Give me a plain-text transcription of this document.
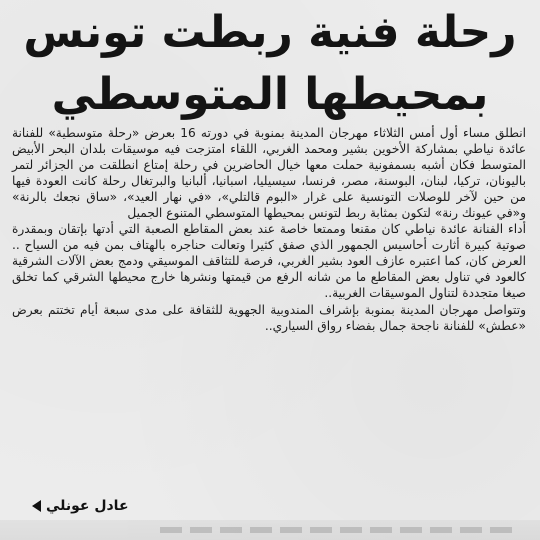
رحلة فنية ربطت تونس
بمحيطها المتوسطي

انطلق مساء أول أمس الثلاثاء مهرجان المدينة بمنوبة في دورته 16 بعرض «رحلة متوسطية» للفنانة عائدة نياطي بمشاركة الأخوين بشير ومحمد الغربي، اللقاء امتزجت فيه موسيقات بلدان البحر الأبيض المتوسط فكان أشبه بسمفونية حملت معها خيال الحاضرين في رحلة إمتاع انطلقت من الجزائر لتمر باليونان، تركيا، لبنان، البوسنة، مصر، فرنسا، سيسيليا، اسبانيا، ألبانيا والبرتغال رحلة كانت العودة فيها من حين لآخر للوصلات التونسية على غرار «البوم قالتلي»، «في نهار العيد»، «ساق نجعك بالرنة» و«في عيونك رنة» لتكون بمثابة ربط لتونس بمحيطها المتوسطي المتنوع الجميل

أداء الفنانة عائدة نياطي كان مقنعا وممتعا خاصة عند بعض المقاطع الصعبة التي أدتها بإتقان وبمقدرة صوتية كبيرة أثارت أحاسيس الجمهور الذي صفق كثيرا وتعالت حناجره بالهتاف بمن فيه من السياح .. العرض كان، كما اعتبره عازف العود بشير الغربي، فرصة للتثاقف الموسيقي ودمج بعض الآلات الشرقية كالعود في تناول بعض المقاطع ما من شانه الرفع من قيمتها ونشرها خارج محيطها الشرقي كما تخلق صيغا متجددة لتناول الموسيقات الغربية..

وتتواصل مهرجان المدينة بمنوبة بإشراف المندوبية الجهوية للثقافة على مدى سبعة أيام تختتم بعرض «عطش» للفنانة ناجحة جمال بفضاء رواق السياري..

عادل عونلي
